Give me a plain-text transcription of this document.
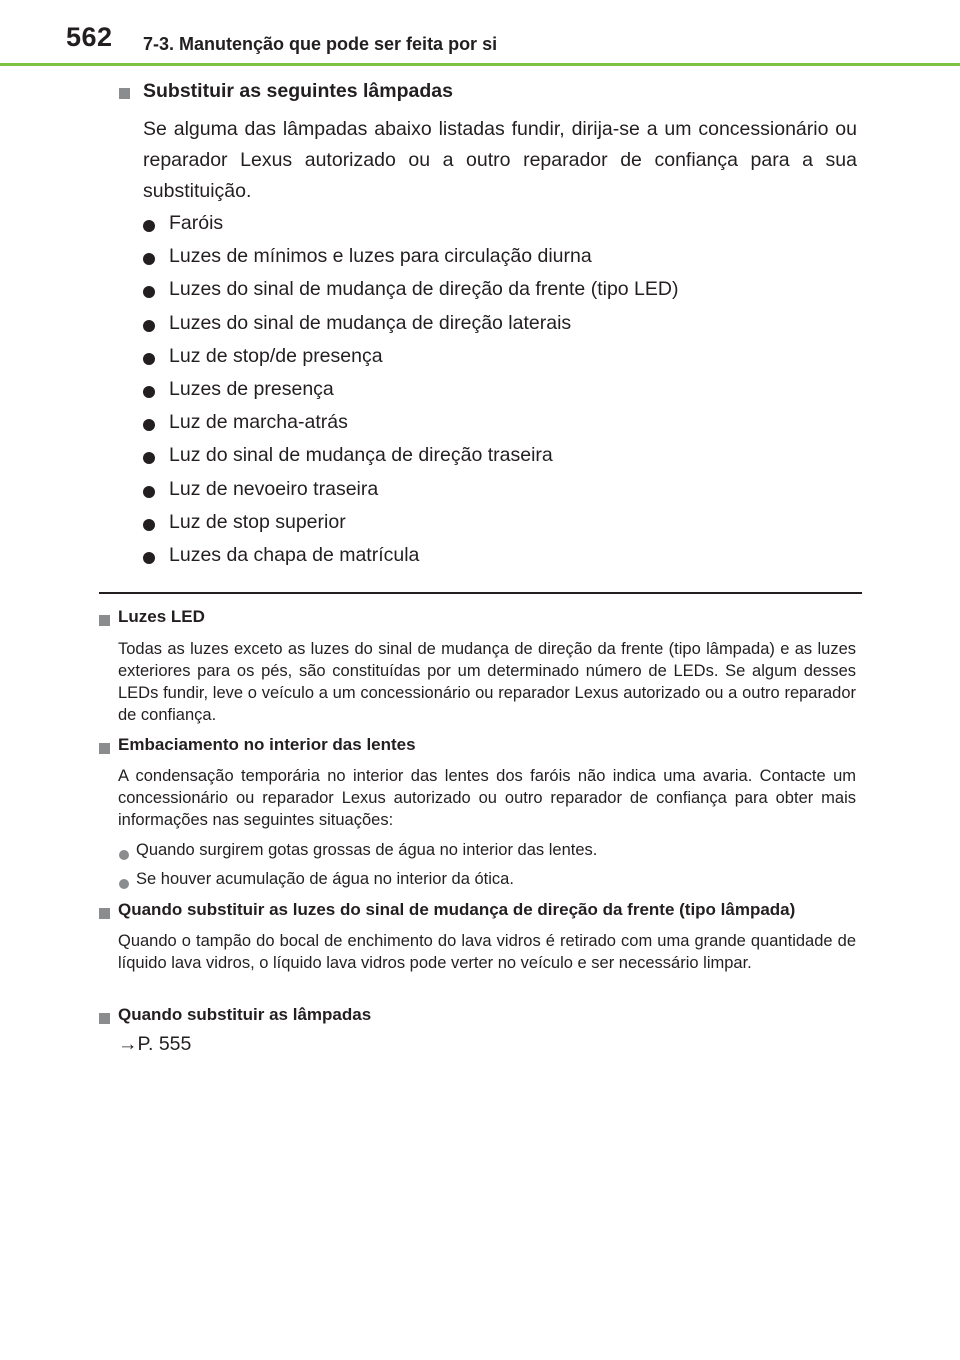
562 7-3. Manutenção que pode ser feita por si
Substituir as seguintes lâmpadas
Se alguma das lâmpadas abaixo listadas fundir, dirija-se a um concessionário ou reparador Lexus autorizado ou a outro reparador de confiança para a sua substituição.
Faróis
Luzes de mínimos e luzes para circulação diurna
Luzes do sinal de mudança de direção da frente (tipo LED)
Luzes do sinal de mudança de direção laterais
Luz de stop/de presença
Luzes de presença
Luz de marcha-atrás
Luz do sinal de mudança de direção traseira
Luz de nevoeiro traseira
Luz de stop superior
Luzes da chapa de matrícula
Luzes LED
Todas as luzes exceto as luzes do sinal de mudança de direção da frente (tipo lâmpada) e as luzes exteriores para os pés, são constituídas por um determinado número de LEDs. Se algum desses LEDs fundir, leve o veículo a um concessionário ou reparador Lexus autorizado ou a outro reparador de confiança.
Embaciamento no interior das lentes
A condensação temporária no interior das lentes dos faróis não indica uma avaria. Contacte um concessionário ou reparador Lexus autorizado ou outro reparador de confiança para obter mais informações nas seguintes situações:
Quando surgirem gotas grossas de água no interior das lentes.
Se houver acumulação de água no interior da ótica.
Quando substituir as luzes do sinal de mudança de direção da frente (tipo lâmpada)
Quando o tampão do bocal de enchimento do lava vidros é retirado com uma grande quantidade de líquido lava vidros, o líquido lava vidros pode verter no veículo e ser necessário limpar.
Quando substituir as lâmpadas
→P. 555
